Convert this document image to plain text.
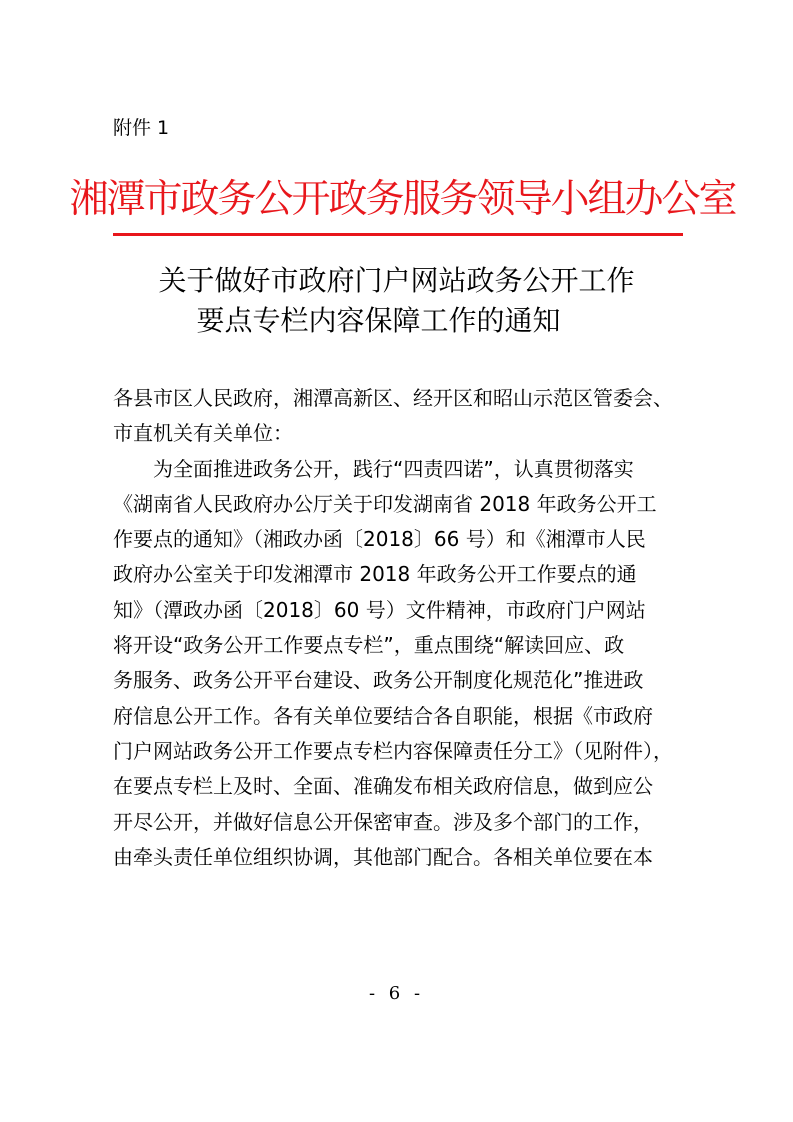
附件 1
湘潭市政务公开政务服务领导小组办公室
关于做好市政府门户网站政务公开工作
要点专栏内容保障工作的通知
各县市区人民政府，湘潭高新区、经开区和昭山示范区管委会、
市直机关有关单位：
为全面推进政务公开，践行“四责四诺”，认真贯彻落实
《湖南省人民政府办公厅关于印发湖南省 2018 年政务公开工
作要点的通知》（湘政办函〔2018〕66 号）和《湘潭市人民
政府办公室关于印发湘潭市 2018 年政务公开工作要点的通
知》（潭政办函〔2018〕60 号）文件精神，市政府门户网站
将开设“政务公开工作要点专栏”，重点围绕“解读回应、政
务服务、政务公开平台建设、政务公开制度化规范化”推进政
府信息公开工作。各有关单位要结合各自职能，根据《市政府
门户网站政务公开工作要点专栏内容保障责任分工》（见附件），
在要点专栏上及时、全面、准确发布相关政府信息，做到应公
开尽公开，并做好信息公开保密审查。涉及多个部门的工作，
由牵头责任单位组织协调，其他部门配合。各相关单位要在本
- 6 -
